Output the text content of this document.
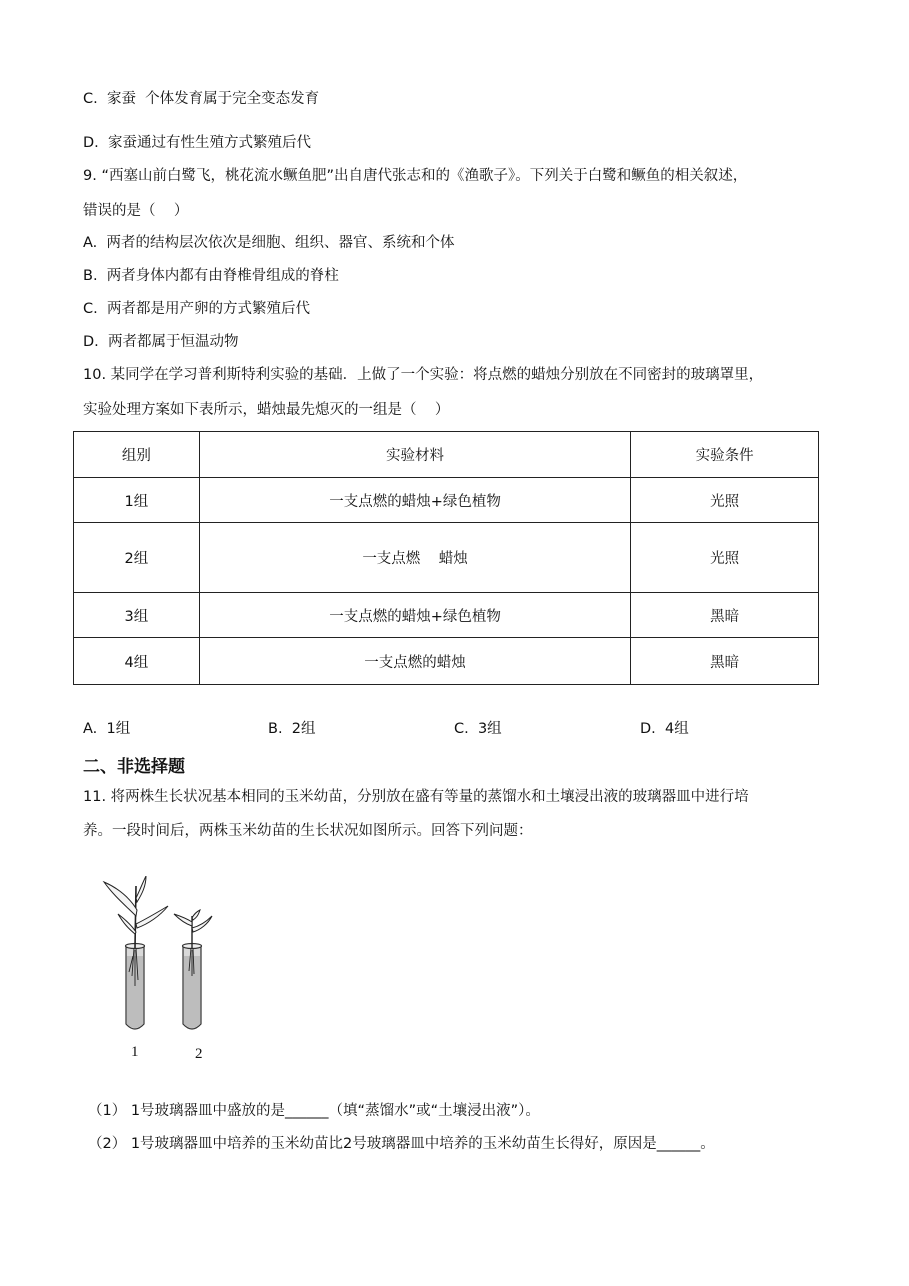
C.  家蚕  个体发育属于完全变态发育
D.  家蚕通过有性生殖方式繁殖后代
9. “西塞山前白鹭飞，桃花流水鳜鱼肥”出自唐代张志和的《渔歌子》。下列关于白鹭和鳜鱼的相关叙述，
错误的是（    ）
A.  两者的结构层次依次是细胞、组织、器官、系统和个体
B.  两者身体内都有由脊椎骨组成的脊柱
C.  两者都是用产卵的方式繁殖后代
D.  两者都属于恒温动物
10. 某同学在学习普利斯特利实验的基础．上做了一个实验：将点燃的蜡烛分别放在不同密封的玻璃罩里，
实验处理方案如下表所示，蜡烛最先熄灭的一组是（    ）
组别	实验材料	实验条件
1组	一支点燃的蜡烛+绿色植物	光照
2组	一支点燃    蜡烛	光照
3组	一支点燃的蜡烛+绿色植物	黑暗
4组	一支点燃的蜡烛	黑暗
A.  1组	B.  2组	C.  3组	D.  4组
二、非选择题
11. 将两株生长状况基本相同的玉米幼苗，分别放在盛有等量的蒸馏水和土壤浸出液的玻璃器皿中进行培
养。一段时间后，两株玉米幼苗的生长状况如图所示。回答下列问题：
1	2
（1） 1号玻璃器皿中盛放的是______（填“蒸馏水”或“土壤浸出液”）。
（2） 1号玻璃器皿中培养的玉米幼苗比2号玻璃器皿中培养的玉米幼苗生长得好，原因是______。
